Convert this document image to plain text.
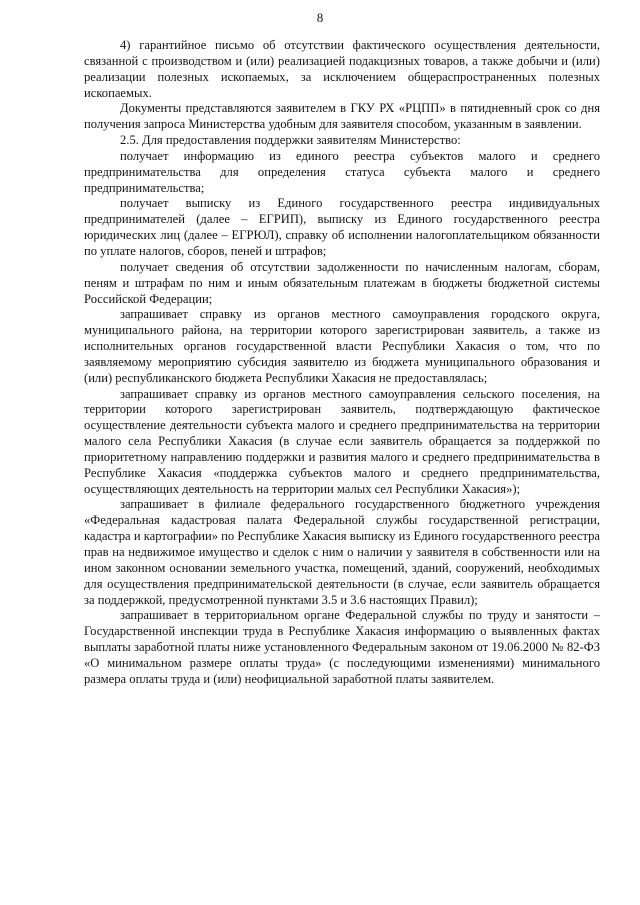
8

4) гарантийное письмо об отсутствии фактического осуществления деятельности, связанной с производством и (или) реализацией подакцизных товаров, а также добычи и (или) реализации полезных ископаемых, за исключением общераспространенных полезных ископаемых.

Документы представляются заявителем в ГКУ РХ «РЦПП» в пятидневный срок со дня получения запроса Министерства удобным для заявителя способом, указанным в заявлении.

2.5. Для предоставления поддержки заявителям Министерство:

получает информацию из единого реестра субъектов малого и среднего предпринимательства для определения статуса субъекта малого и среднего предпринимательства;

получает выписку из Единого государственного реестра индивидуальных предпринимателей (далее – ЕГРИП), выписку из Единого государственного реестра юридических лиц (далее – ЕГРЮЛ), справку об исполнении налогоплательщиком обязанности по уплате налогов, сборов, пеней и штрафов;

получает сведения об отсутствии задолженности по начисленным налогам, сборам, пеням и штрафам по ним и иным обязательным платежам в бюджеты бюджетной системы Российской Федерации;

запрашивает справку из органов местного самоуправления городского округа, муниципального района, на территории которого зарегистрирован заявитель, а также из исполнительных органов государственной власти Республики Хакасия о том, что по заявляемому мероприятию субсидия заявителю из бюджета муниципального образования и (или) республиканского бюджета Республики Хакасия не предоставлялась;

запрашивает справку из органов местного самоуправления сельского поселения, на территории которого зарегистрирован заявитель, подтверждающую фактическое осуществление деятельности субъекта малого и среднего предпринимательства на территории малого села Республики Хакасия (в случае если заявитель обращается за поддержкой по приоритетному направлению поддержки и развития малого и среднего предпринимательства в Республике Хакасия «поддержка субъектов малого и среднего предпринимательства, осуществляющих деятельность на территории малых сел Республики Хакасия»);

запрашивает в филиале федерального государственного бюджетного учреждения «Федеральная кадастровая палата Федеральной службы государственной регистрации, кадастра и картографии» по Республике Хакасия выписку из Единого государственного реестра прав на недвижимое имущество и сделок с ним о наличии у заявителя в собственности или на ином законном основании земельного участка, помещений, зданий, сооружений, необходимых для осуществления предпринимательской деятельности (в случае, если заявитель обращается за поддержкой, предусмотренной пунктами 3.5 и 3.6 настоящих Правил);

запрашивает в территориальном органе Федеральной службы по труду и занятости – Государственной инспекции труда в Республике Хакасия информацию о выявленных фактах выплаты заработной платы ниже установленного Федеральным законом от 19.06.2000 № 82-ФЗ «О минимальном размере оплаты труда» (с последующими изменениями) минимального размера оплаты труда и (или) неофициальной заработной платы заявителем.
